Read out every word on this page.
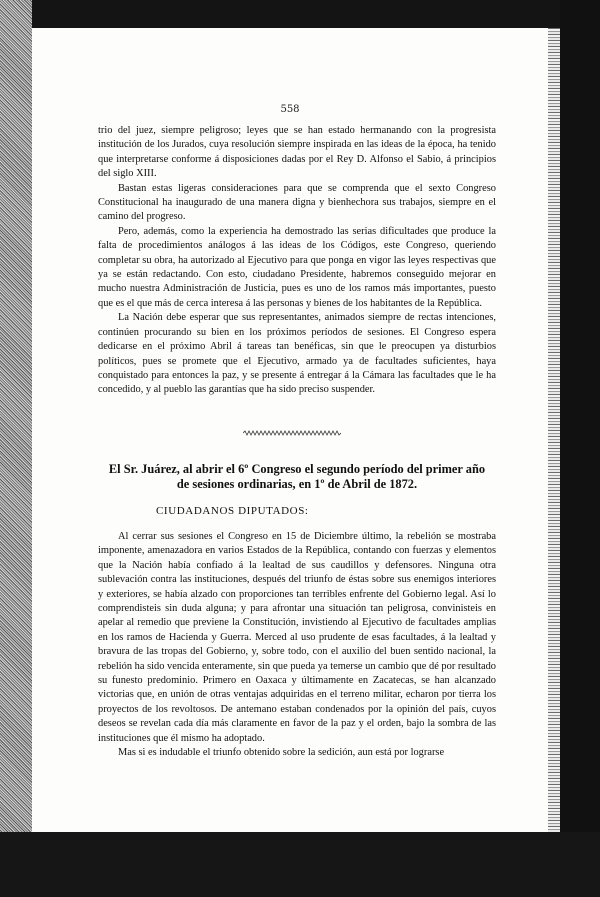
558

trio del juez, siempre peligroso; leyes que se han estado hermanando con la progresista institución de los Jurados, cuya resolución siempre inspirada en las ideas de la época, ha tenido que interpretarse conforme á disposiciones dadas por el Rey D. Alfonso el Sabio, á principios del siglo XIII.

Bastan estas ligeras consideraciones para que se comprenda que el sexto Congreso Constitucional ha inaugurado de una manera digna y bienhechora sus trabajos, siempre en el camino del progreso.

Pero, además, como la experiencia ha demostrado las serias dificultades que produce la falta de procedimientos análogos á las ideas de los Códigos, este Congreso, queriendo completar su obra, ha autorizado al Ejecutivo para que ponga en vigor las leyes respectivas que ya se están redactando. Con esto, ciudadano Presidente, habremos conseguido mejorar en mucho nuestra Administración de Justicia, pues es uno de los ramos más importantes, puesto que es el que más de cerca interesa á las personas y bienes de los habitantes de la República.

La Nación debe esperar que sus representantes, animados siempre de rectas intenciones, continúen procurando su bien en los próximos períodos de sesiones. El Congreso espera dedicarse en el próximo Abril á tareas tan benéficas, sin que le preocupen ya disturbios políticos, pues se promete que el Ejecutivo, armado ya de facultades suficientes, haya conquistado para entonces la paz, y se presente á entregar á la Cámara las facultades que le ha concedido, y al pueblo las garantías que ha sido preciso suspender.

El Sr. Juárez, al abrir el 6º Congreso el segundo período del primer año
de sesiones ordinarias, en 1º de Abril de 1872.
CIUDADANOS DIPUTADOS:

Al cerrar sus sesiones el Congreso en 15 de Diciembre último, la rebelión se mostraba imponente, amenazadora en varios Estados de la República, contando con fuerzas y elementos que la Nación había confiado á la lealtad de sus caudillos y defensores. Ninguna otra sublevación contra las instituciones, después del triunfo de éstas sobre sus enemigos interiores y exteriores, se había alzado con proporciones tan terribles enfrente del Gobierno legal. Así lo comprendisteis sin duda alguna; y para afrontar una situación tan peligrosa, convinisteis en apelar al remedio que previene la Constitución, invistiendo al Ejecutivo de facultades amplias en los ramos de Hacienda y Guerra. Merced al uso prudente de esas facultades, á la lealtad y bravura de las tropas del Gobierno, y, sobre todo, con el auxilio del buen sentido nacional, la rebelión ha sido vencida enteramente, sin que pueda ya temerse un cambio que dé por resultado su funesto predominio. Primero en Oaxaca y últimamente en Zacatecas, se han alcanzado victorias que, en unión de otras ventajas adquiridas en el terreno militar, echaron por tierra los proyectos de los revoltosos. De antemano estaban condenados por la opinión del país, cuyos deseos se revelan cada día más claramente en favor de la paz y el orden, bajo la sombra de las instituciones que él mismo ha adoptado.

Mas si es indudable el triunfo obtenido sobre la sedición, aun está por lograrse
